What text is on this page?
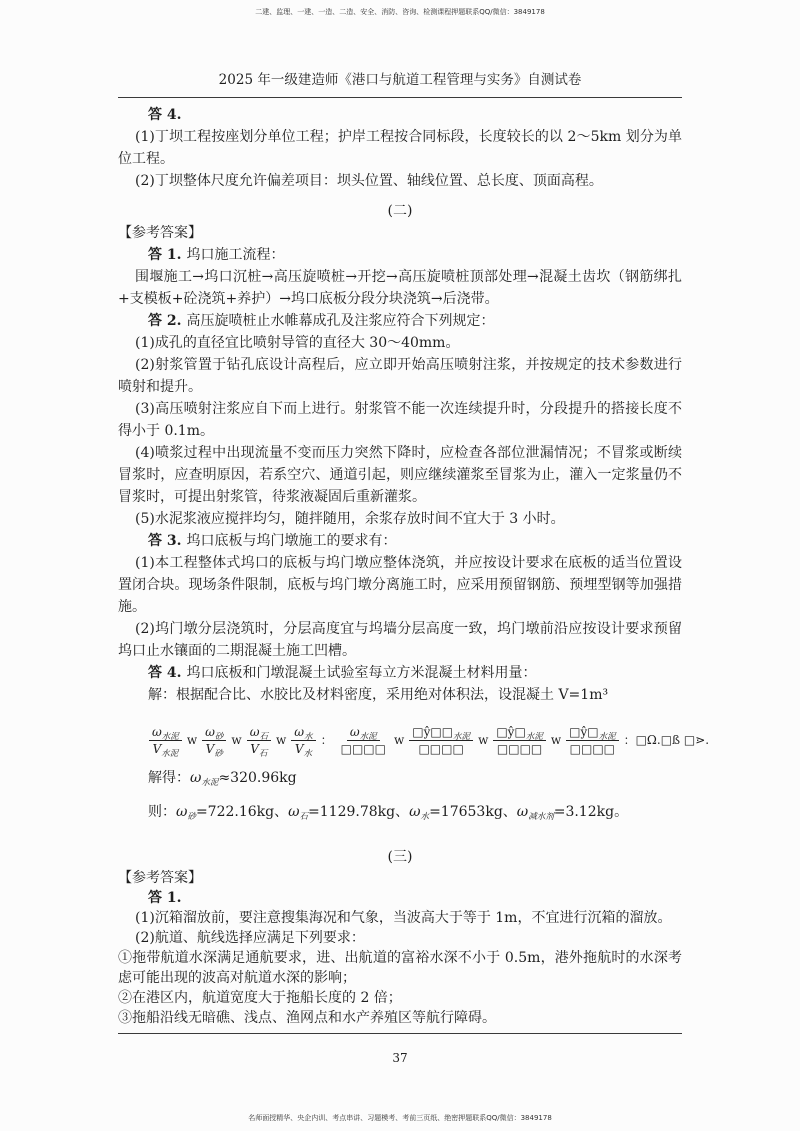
二建、监理、一建、一造、二造、安全、消防、咨询、检测课程押题联系QQ/微信：3849178
2025 年一级建造师《港口与航道工程管理与实务》自测试卷

答 4.

(1)丁坝工程按座划分单位工程；护岸工程按合同标段，长度较长的以 2～5km 划分为单位工程。

(2)丁坝整体尺度允许偏差项目：坝头位置、轴线位置、总长度、顶面高程。

(二)

【参考答案】

答 1. 坞口施工流程：

围堰施工→坞口沉桩→高压旋喷桩→开挖→高压旋喷桩顶部处理→混凝土齿坎（钢筋绑扎+支模板+砼浇筑+养护）→坞口底板分段分块浇筑→后浇带。

答 2. 高压旋喷桩止水帷幕成孔及注浆应符合下列规定：

(1)成孔的直径宜比喷射导管的直径大 30～40mm。

(2)射浆管置于钻孔底设计高程后，应立即开始高压喷射注浆，并按规定的技术参数进行喷射和提升。

(3)高压喷射注浆应自下而上进行。射浆管不能一次连续提升时，分段提升的搭接长度不得小于 0.1m。

(4)喷浆过程中出现流量不变而压力突然下降时，应检查各部位泄漏情况；不冒浆或断续冒浆时，应查明原因，若系空穴、通道引起，则应继续灌浆至冒浆为止，灌入一定浆量仍不冒浆时，可提出射浆管，待浆液凝固后重新灌浆。

(5)水泥浆液应搅拌均匀，随拌随用，余浆存放时间不宜大于 3 小时。

答 3. 坞口底板与坞门墩施工的要求有：

(1)本工程整体式坞口的底板与坞门墩应整体浇筑，并应按设计要求在底板的适当位置设置闭合块。现场条件限制，底板与坞门墩分离施工时，应采用预留钢筋、预埋型钢等加强措施。

(2)坞门墩分层浇筑时，分层高度宜与坞墙分层高度一致，坞门墩前沿应按设计要求预留坞口止水镶面的二期混凝土施工凹槽。

答 4. 坞口底板和门墩混凝土试验室每立方米混凝土材料用量：

解：根据配合比、水胶比及材料密度，采用绝对体积法，设混凝土 V=1m³

$\frac{\omega_{水泥}}{V_{水泥}}$ w $\frac{\omega_砂}{V_砂}$ w $\frac{\omega_石}{V_石}$ w $\frac{\omega_水}{V_水}$ ： $\frac{\omega_{水泥}}{□□□□}$ w $\frac{□ŷ□□_{水泥}}{□□□□}$ w $\frac{□ŷ□_{水泥}}{□□□□}$ w $\frac{□ŷ□_{水泥}}{□□□□}$ ：□Ω.□ß □⋗.

解得：$\omega_{水泥}\approx 320.96kg$

则：$\omega_砂=722.16kg$、$\omega_石=1129.78kg$、$\omega_水=17653kg$、$\omega_{减水剂}=3.12kg$。

(三)

【参考答案】

答 1.

(1)沉箱溜放前，要注意搜集海况和气象，当波高大于等于 1m，不宜进行沉箱的溜放。

(2)航道、航线选择应满足下列要求：

①拖带航道水深满足通航要求，进、出航道的富裕水深不小于 0.5m，港外拖航时的水深考虑可能出现的波高对航道水深的影响；

②在港区内，航道宽度大于拖船长度的 2 倍；

③拖船沿线无暗礁、浅点、渔网点和水产养殖区等航行障碍。

37
名师面授精华、央企内训、考点串讲、习题模考、考前三页纸、绝密押题联系QQ/微信：3849178
